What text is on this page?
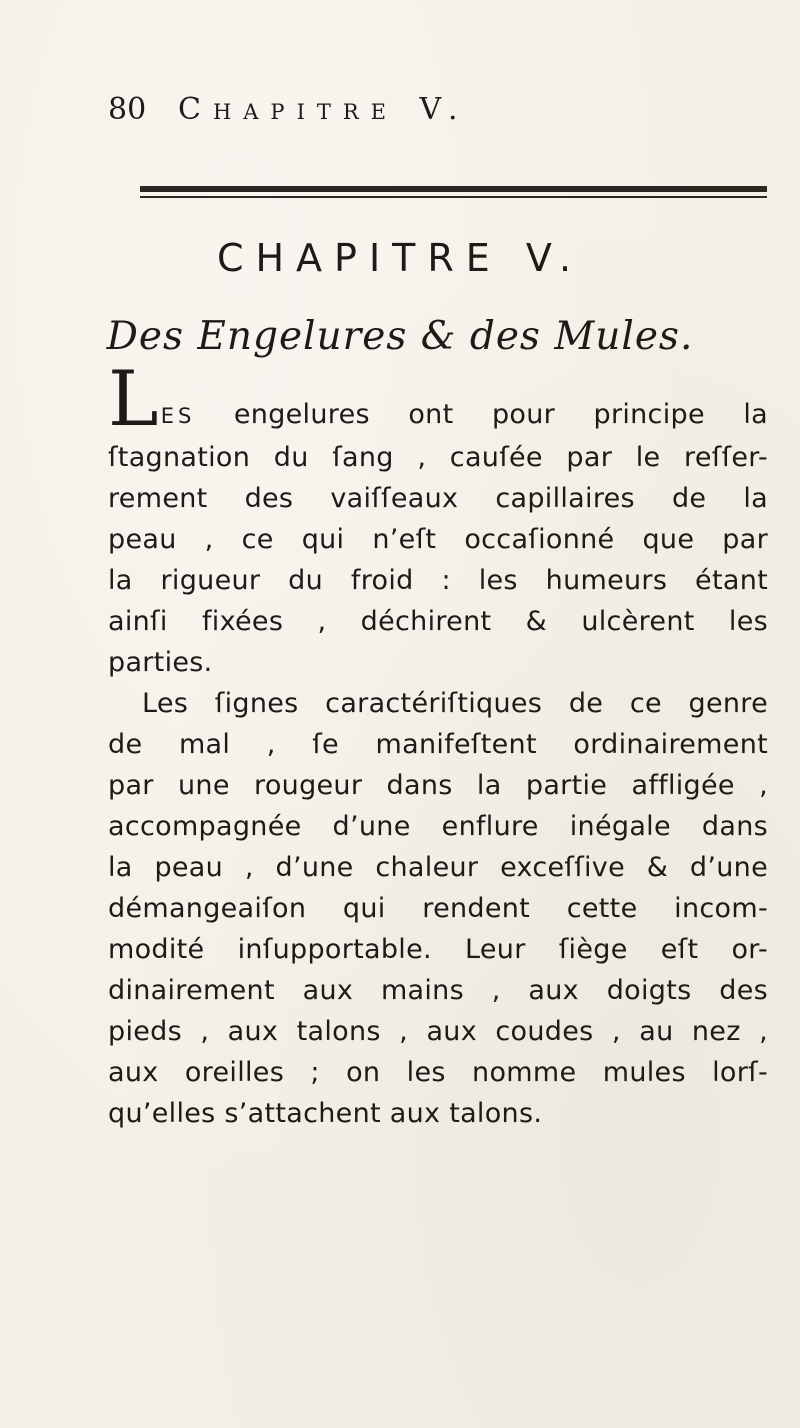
80	Chapitre V.
CHAPITRE V.
Des Engelures & des Mules.

LES engelures ont pour principe la
ſtagnation du ſang , cauſée par le reſſer-
rement des vaiſſeaux capillaires de la
peau , ce qui n’eſt occaſionné que par
la rigueur du froid : les humeurs étant
ainſi fixées , déchirent & ulcèrent les
parties.

Les ſignes caractériſtiques de ce genre
de mal , ſe manifeſtent ordinairement
par une rougeur dans la partie affligée ,
accompagnée d’une enflure inégale dans
la peau , d’une chaleur exceſſive & d’une
démangeaiſon qui rendent cette incom-
modité inſupportable. Leur ſiège eſt or-
dinairement aux mains , aux doigts des
pieds , aux talons , aux coudes , au nez ,
aux oreilles ; on les nomme mules lorſ-
qu’elles s’attachent aux talons.
